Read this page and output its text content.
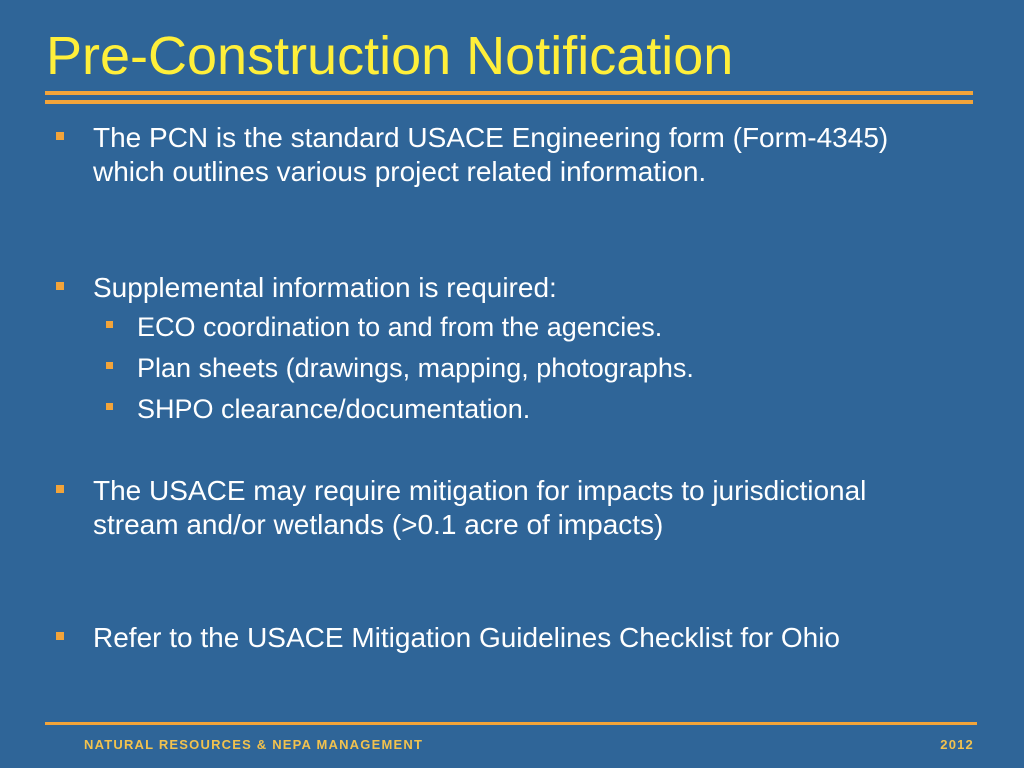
Pre-Construction Notification

The PCN is the standard USACE Engineering form (Form-4345) which outlines various project related information.

Supplemental information is required:

ECO coordination to and from the agencies.

Plan sheets (drawings, mapping, photographs.

SHPO clearance/documentation.

The USACE may require mitigation for impacts to jurisdictional stream and/or wetlands (>0.1 acre of impacts)

Refer to the USACE Mitigation Guidelines Checklist for Ohio

NATURAL RESOURCES & NEPA MANAGEMENT	2012
